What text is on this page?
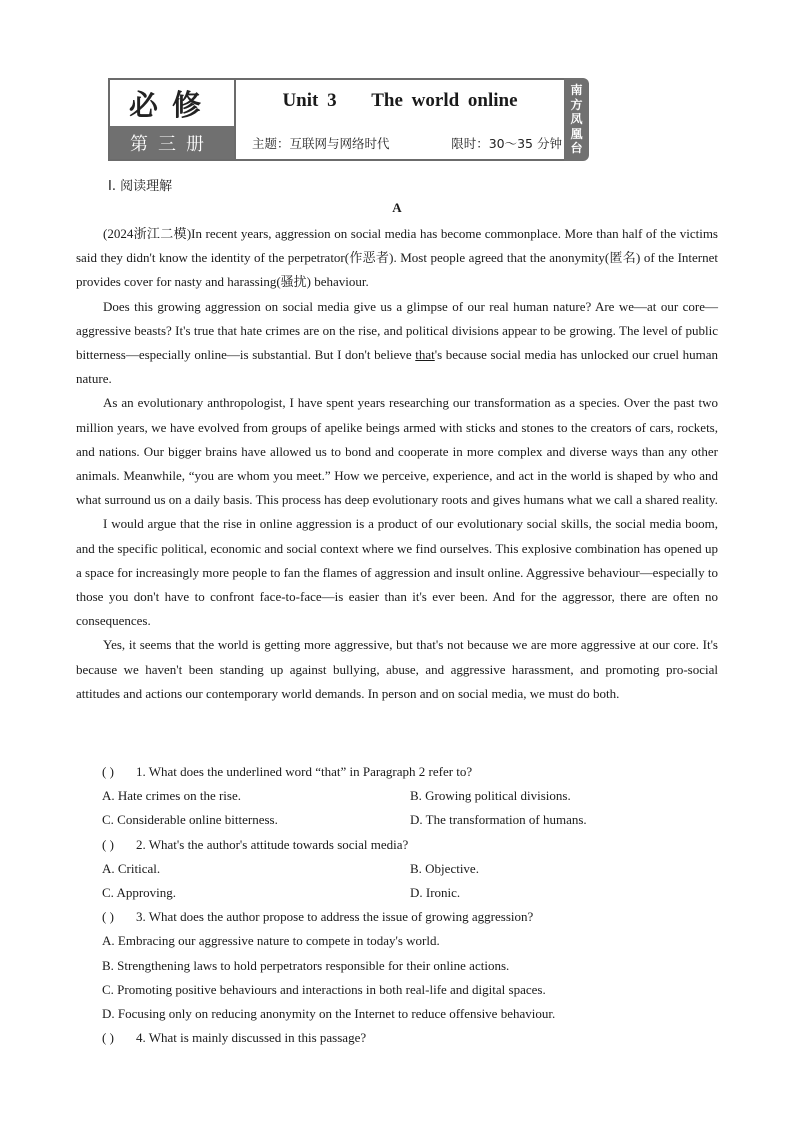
必修
第三册
Unit 3    The world online
主题：互联网与网络时代	限时：30～35 分钟
南
方
凤
凰
台
Ⅰ. 阅读理解
A

(2024浙江二模)In recent years, aggression on social media has become commonplace. More than half of the victims said they didn't know the identity of the perpetrator(作恶者). Most people agreed that the anonymity(匿名) of the Internet provides cover for nasty and harassing(骚扰) behaviour.

Does this growing aggression on social media give us a glimpse of our real human nature? Are we—at our core—aggressive beasts? It's true that hate crimes are on the rise, and political divisions appear to be growing. The level of public bitterness—especially online—is substantial. But I don't believe that's because social media has unlocked our cruel human nature.

As an evolutionary anthropologist, I have spent years researching our transformation as a species. Over the past two million years, we have evolved from groups of apelike beings armed with sticks and stones to the creators of cars, rockets, and nations. Our bigger brains have allowed us to bond and cooperate in more complex and diverse ways than any other animals. Meanwhile, “you are whom you meet.” How we perceive, experience, and act in the world is shaped by who and what surround us on a daily basis. This process has deep evolutionary roots and gives humans what we call a shared reality.

I would argue that the rise in online aggression is a product of our evolutionary social skills, the social media boom, and the specific political, economic and social context where we find ourselves. This explosive combination has opened up a space for increasingly more people to fan the flames of aggression and insult online. Aggressive behaviour—especially to those you don't have to confront face-to-face—is easier than it's ever been. And for the aggressor, there are often no consequences.

Yes, it seems that the world is getting more aggressive, but that's not because we are more aggressive at our core. It's because we haven't been standing up against bullying, abuse, and aggressive harassment, and promoting pro-social attitudes and actions our contemporary world demands. In person and on social media, we must do both.

( )	1. What does the underlined word “that” in Paragraph 2 refer to?
A. Hate crimes on the rise.	B. Growing political divisions.
C. Considerable online bitterness.	D. The transformation of humans.
( )	2. What's the author's attitude towards social media?
A. Critical.	B. Objective.
C. Approving.	D. Ironic.
( )	3. What does the author propose to address the issue of growing aggression?
A. Embracing our aggressive nature to compete in today's world.
B. Strengthening laws to hold perpetrators responsible for their online actions.
C. Promoting positive behaviours and interactions in both real-life and digital spaces.
D. Focusing only on reducing anonymity on the Internet to reduce offensive behaviour.
( )	4. What is mainly discussed in this passage?
